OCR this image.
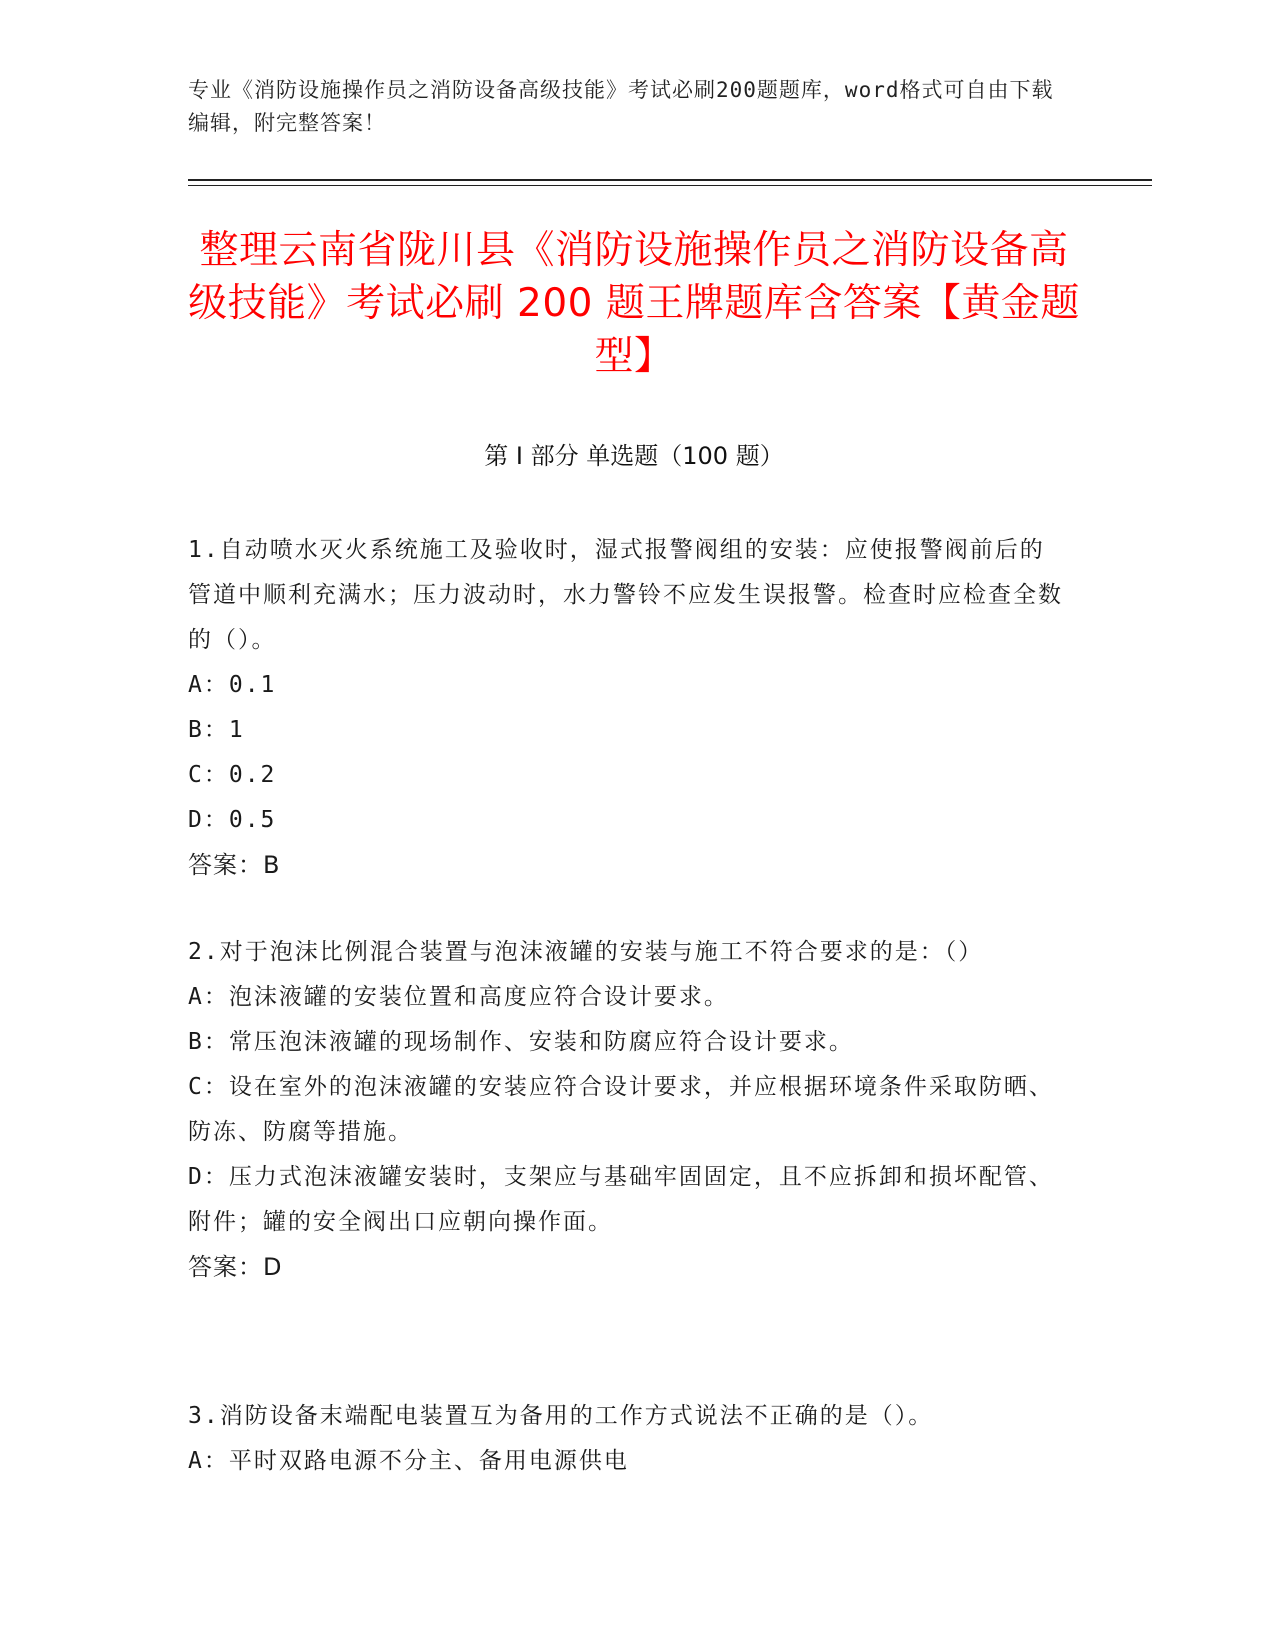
专业《消防设施操作员之消防设备高级技能》考试必刷200题题库，word格式可自由下载编辑，附完整答案！
整理云南省陇川县《消防设施操作员之消防设备高级技能》考试必刷 200 题王牌题库含答案【黄金题型】
第 I 部分 单选题（100 题）

1.自动喷水灭火系统施工及验收时，湿式报警阀组的安装：应使报警阀前后的管道中顺利充满水；压力波动时，水力警铃不应发生误报警。检查时应检查全数的（）。

A：0.1

B：1

C：0.2

D：0.5

答案：B

2.对于泡沫比例混合装置与泡沫液罐的安装与施工不符合要求的是：（）

A：泡沫液罐的安装位置和高度应符合设计要求。

B：常压泡沫液罐的现场制作、安装和防腐应符合设计要求。

C：设在室外的泡沫液罐的安装应符合设计要求，并应根据环境条件采取防晒、防冻、防腐等措施。

D：压力式泡沫液罐安装时，支架应与基础牢固固定，且不应拆卸和损坏配管、附件；罐的安全阀出口应朝向操作面。

答案：D

3.消防设备末端配电装置互为备用的工作方式说法不正确的是（）。

A：平时双路电源不分主、备用电源供电
